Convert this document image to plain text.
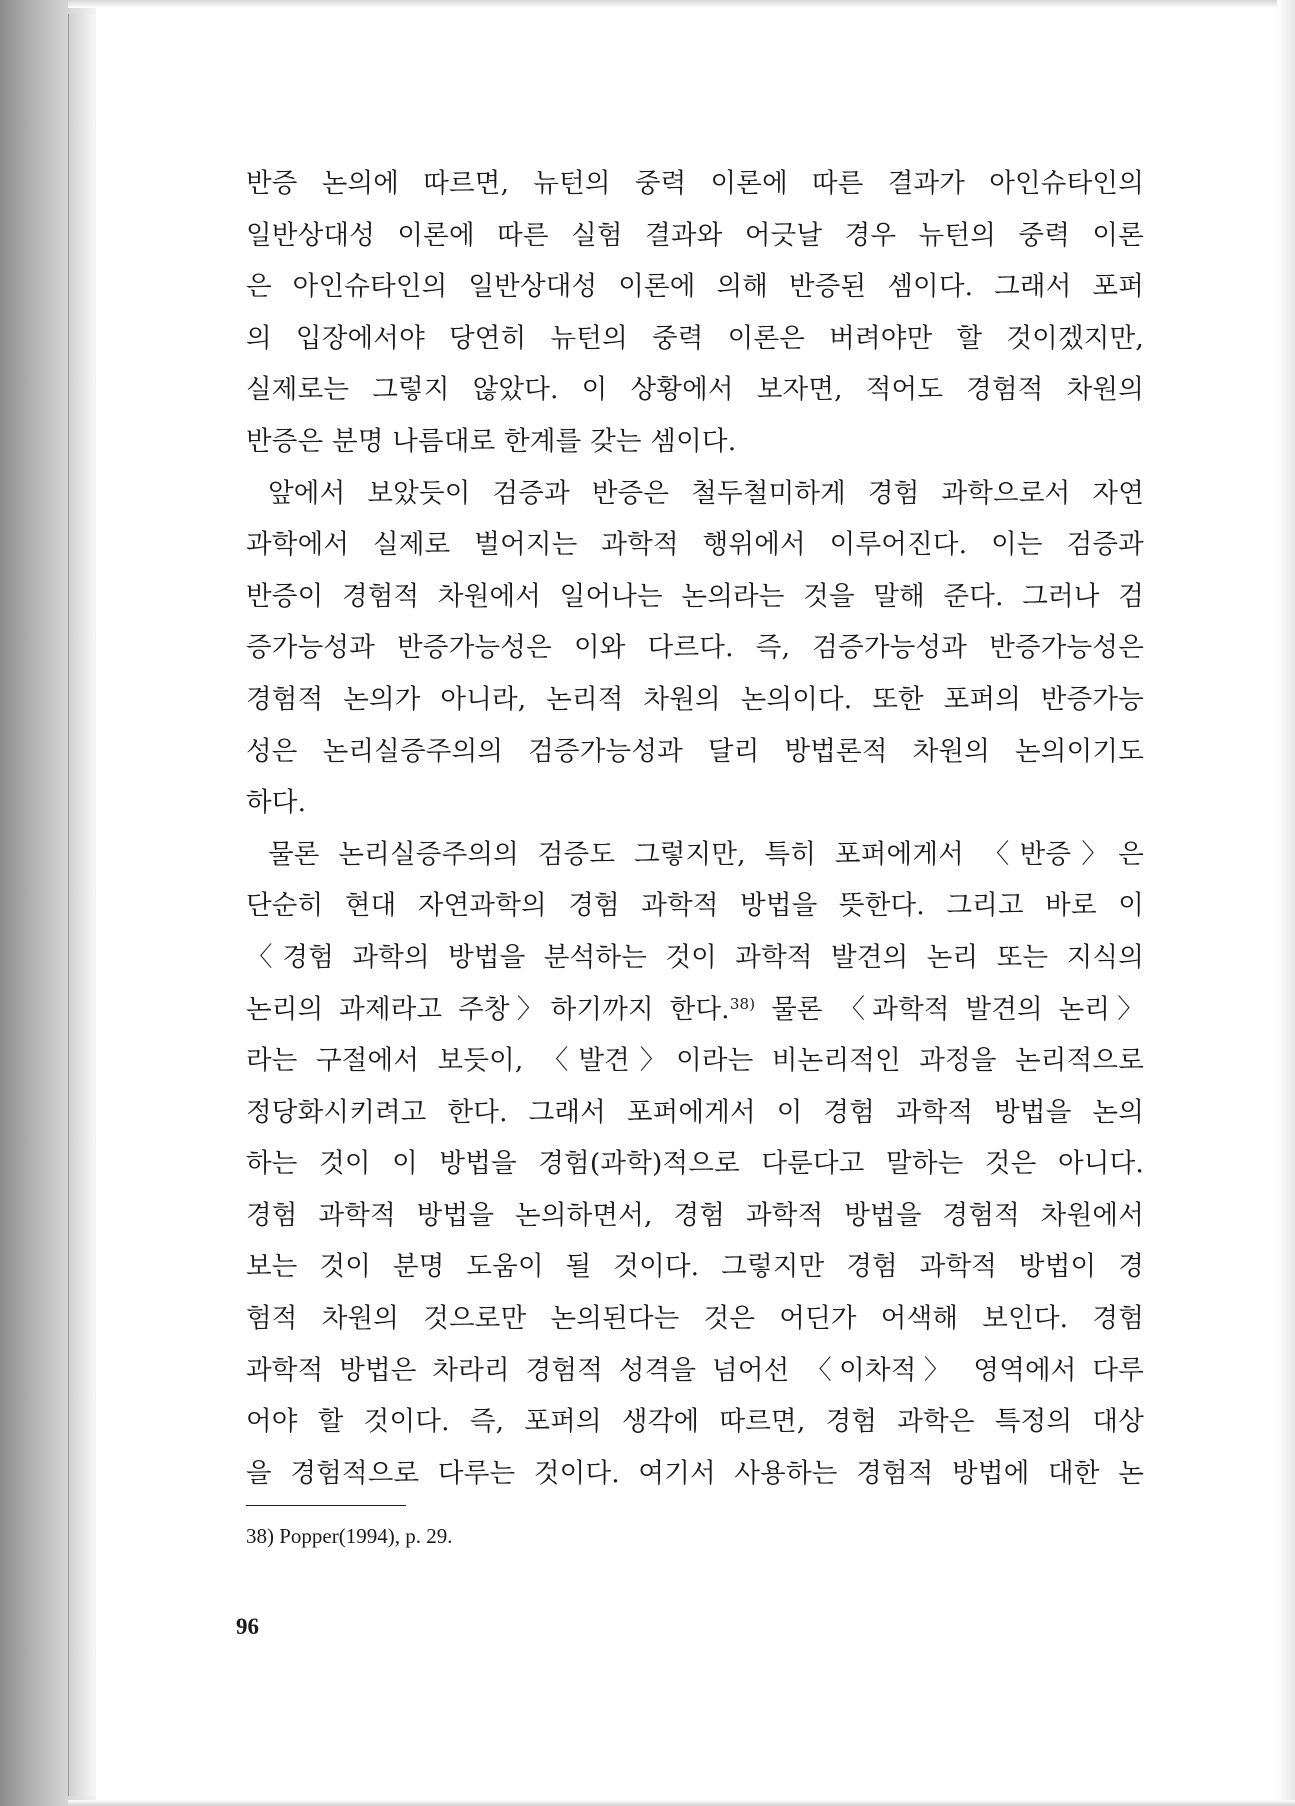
반증 논의에 따르면, 뉴턴의 중력 이론에 따른 결과가 아인슈타인의
일반상대성 이론에 따른 실험 결과와 어긋날 경우 뉴턴의 중력 이론
은 아인슈타인의 일반상대성 이론에 의해 반증된 셈이다. 그래서 포퍼
의 입장에서야 당연히 뉴턴의 중력 이론은 버려야만 할 것이겠지만,
실제로는 그렇지 않았다. 이 상황에서 보자면, 적어도 경험적 차원의
반증은 분명 나름대로 한계를 갖는 셈이다.

앞에서 보았듯이 검증과 반증은 철두철미하게 경험 과학으로서 자연
과학에서 실제로 벌어지는 과학적 행위에서 이루어진다. 이는 검증과
반증이 경험적 차원에서 일어나는 논의라는 것을 말해 준다. 그러나 검
증가능성과 반증가능성은 이와 다르다. 즉, 검증가능성과 반증가능성은
경험적 논의가 아니라, 논리적 차원의 논의이다. 또한 포퍼의 반증가능
성은 논리실증주의의 검증가능성과 달리 방법론적 차원의 논의이기도
하다.

물론 논리실증주의의 검증도 그렇지만, 특히 포퍼에게서 〈반증〉은
단순히 현대 자연과학의 경험 과학적 방법을 뜻한다. 그리고 바로 이
〈경험 과학의 방법을 분석하는 것이 과학적 발견의 논리 또는 지식의
논리의 과제라고 주창〉하기까지 한다.$^{38)}$ 물론 〈과학적 발견의 논리〉
라는 구절에서 보듯이, 〈발견〉이라는 비논리적인 과정을 논리적으로
정당화시키려고 한다. 그래서 포퍼에게서 이 경험 과학적 방법을 논의
하는 것이 이 방법을 경험(과학)적으로 다룬다고 말하는 것은 아니다.
경험 과학적 방법을 논의하면서, 경험 과학적 방법을 경험적 차원에서
보는 것이 분명 도움이 될 것이다. 그렇지만 경험 과학적 방법이 경
험적 차원의 것으로만 논의된다는 것은 어딘가 어색해 보인다. 경험
과학적 방법은 차라리 경험적 성격을 넘어선 〈이차적〉 영역에서 다루
어야 할 것이다. 즉, 포퍼의 생각에 따르면, 경험 과학은 특정의 대상
을 경험적으로 다루는 것이다. 여기서 사용하는 경험적 방법에 대한 논

38) Popper(1994), p. 29.
96
